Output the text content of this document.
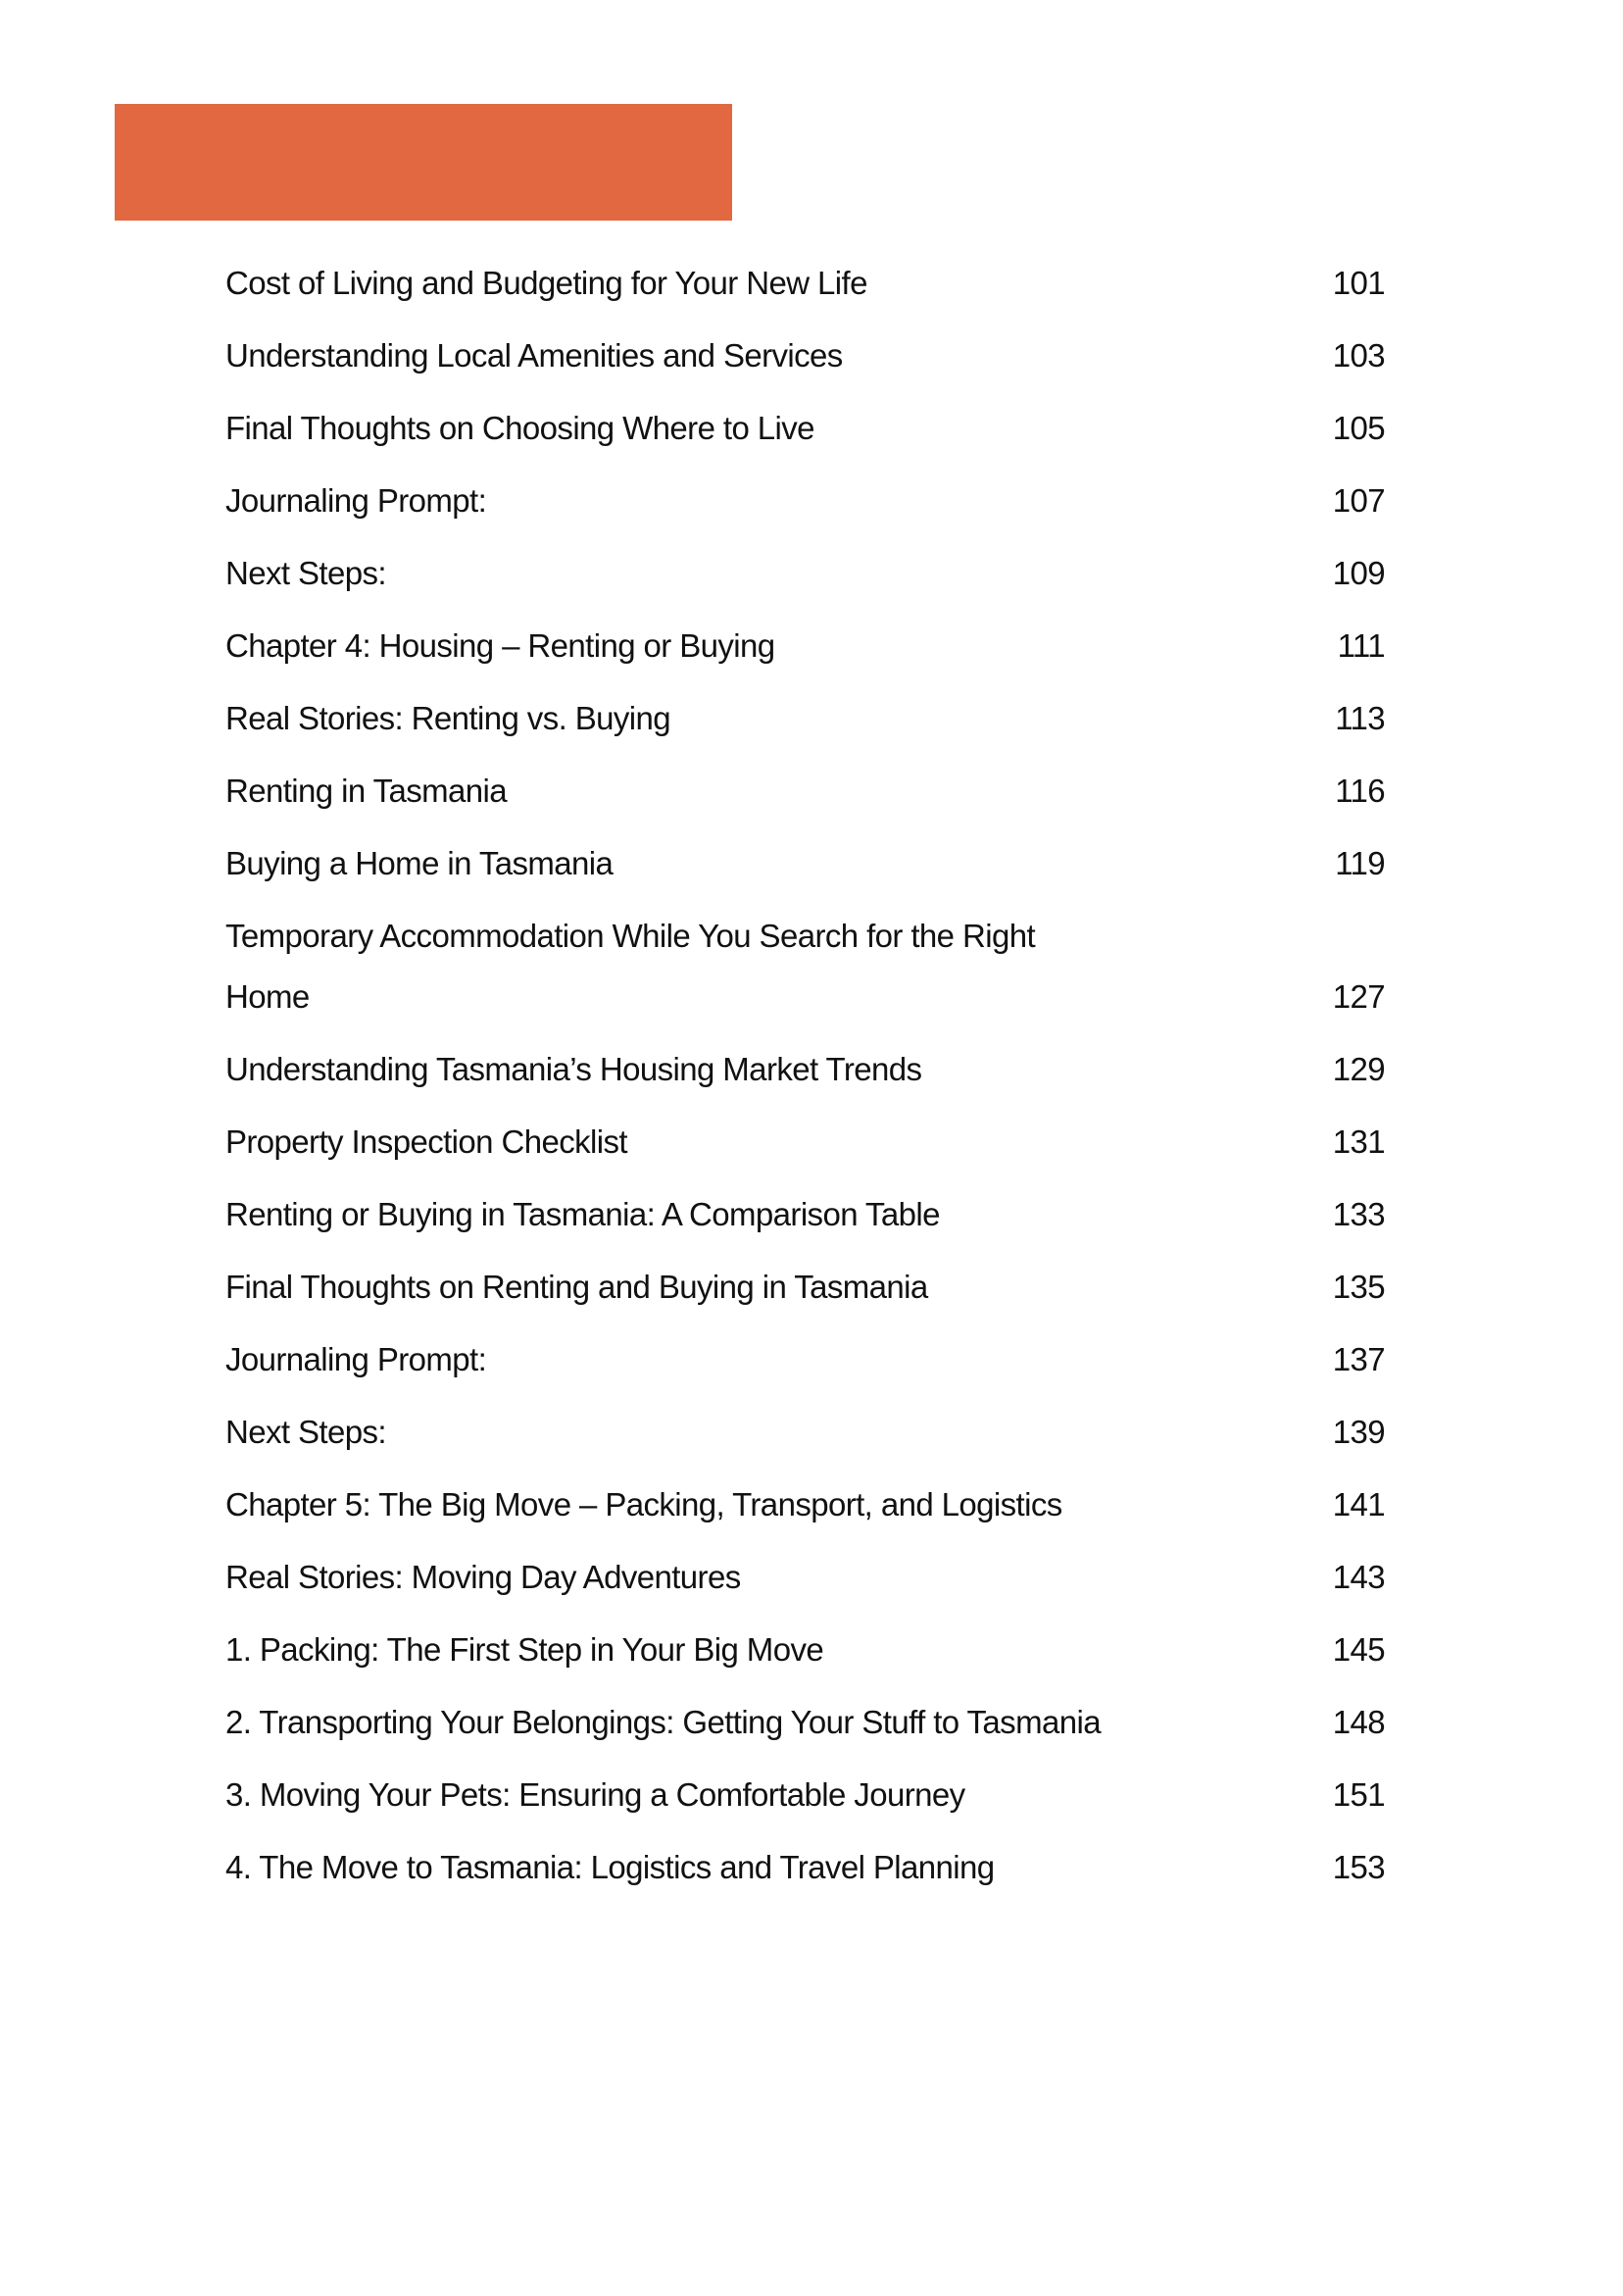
Cost of Living and Budgeting for Your New Life	101
Understanding Local Amenities and Services	103
Final Thoughts on Choosing Where to Live	105
Journaling Prompt:	107
Next Steps:	109
Chapter 4: Housing – Renting or Buying	111
Real Stories: Renting vs. Buying	113
Renting in Tasmania	116
Buying a Home in Tasmania	119
Temporary Accommodation While You Search for the Right Home	127
Understanding Tasmania’s Housing Market Trends	129
Property Inspection Checklist	131
Renting or Buying in Tasmania: A Comparison Table	133
Final Thoughts on Renting and Buying in Tasmania	135
Journaling Prompt:	137
Next Steps:	139
Chapter 5: The Big Move – Packing, Transport, and Logistics	141
Real Stories: Moving Day Adventures	143
1. Packing: The First Step in Your Big Move	145
2. Transporting Your Belongings: Getting Your Stuff to Tasmania	148
3. Moving Your Pets: Ensuring a Comfortable Journey	151
4. The Move to Tasmania: Logistics and Travel Planning	153
